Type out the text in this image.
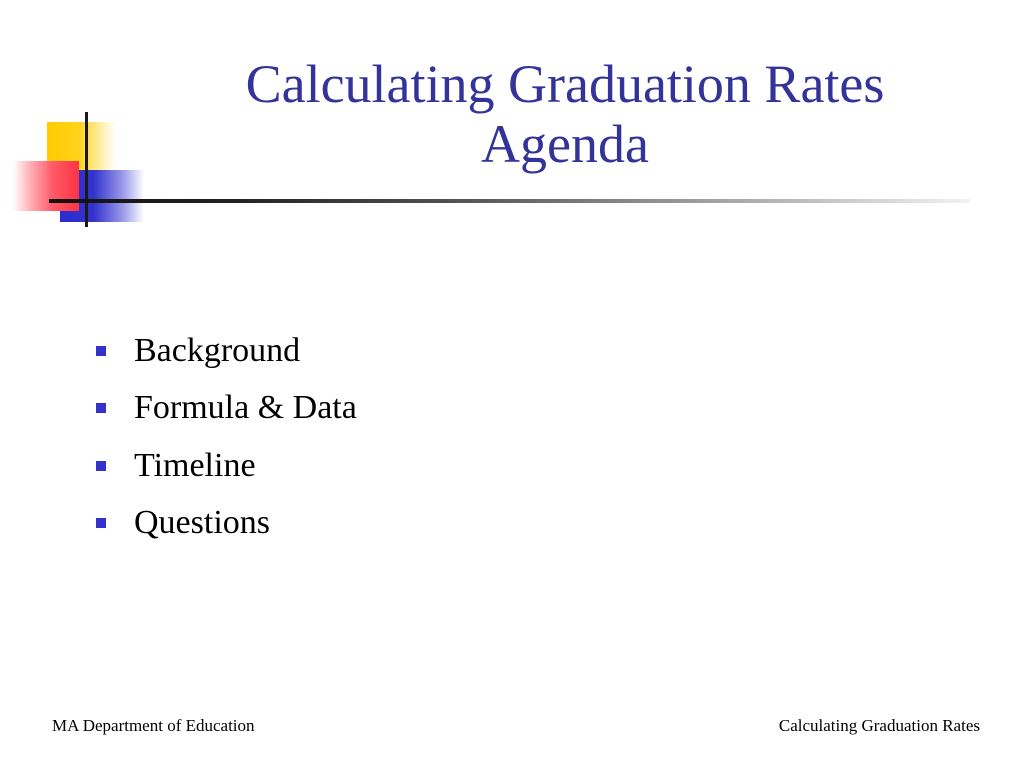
Calculating Graduation Rates
Agenda
Background
Formula & Data
Timeline
Questions
MA Department of Education	Calculating Graduation Rates
